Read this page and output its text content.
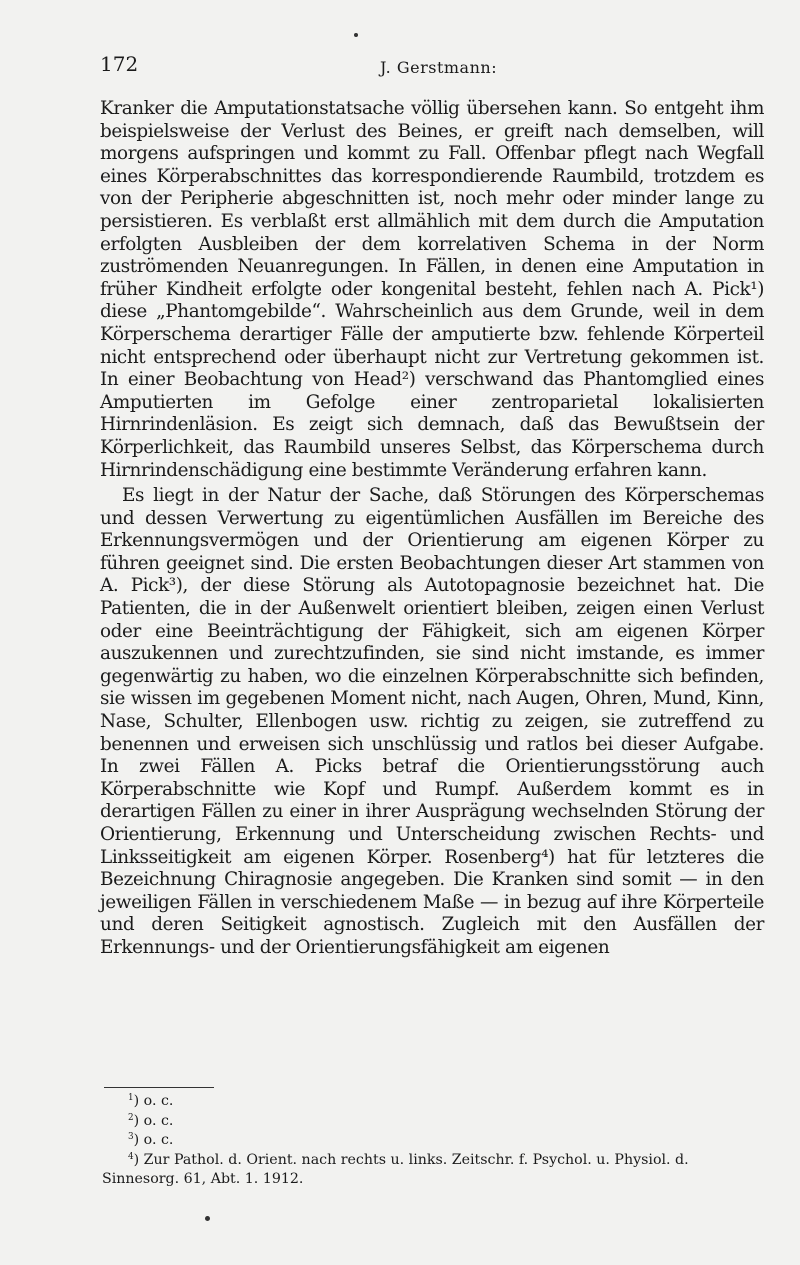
172	J. Gerstmann:

Kranker die Amputationstatsache völlig übersehen kann. So entgeht ihm beispielsweise der Verlust des Beines, er greift nach demselben, will morgens aufspringen und kommt zu Fall. Offenbar pflegt nach Wegfall eines Körperabschnittes das korrespondierende Raumbild, trotzdem es von der Peripherie abgeschnitten ist, noch mehr oder minder lange zu persistieren. Es verblaßt erst allmählich mit dem durch die Amputation erfolgten Ausbleiben der dem korrelativen Schema in der Norm zuströmenden Neuanregungen. In Fällen, in denen eine Amputation in früher Kindheit erfolgte oder kongenital besteht, fehlen nach A. Pick¹) diese „Phantomgebilde“. Wahrscheinlich aus dem Grunde, weil in dem Körperschema derartiger Fälle der amputierte bzw. fehlende Körperteil nicht entsprechend oder überhaupt nicht zur Vertretung gekommen ist. In einer Beobachtung von Head²) verschwand das Phantomglied eines Amputierten im Gefolge einer zentroparietal lokalisierten Hirnrindenläsion. Es zeigt sich demnach, daß das Bewußtsein der Körperlichkeit, das Raumbild unseres Selbst, das Körperschema durch Hirnrindenschädigung eine bestimmte Veränderung erfahren kann.

Es liegt in der Natur der Sache, daß Störungen des Körperschemas und dessen Verwertung zu eigentümlichen Ausfällen im Bereiche des Erkennungsvermögen und der Orientierung am eigenen Körper zu führen geeignet sind. Die ersten Beobachtungen dieser Art stammen von A. Pick³), der diese Störung als Autotopagnosie bezeichnet hat. Die Patienten, die in der Außenwelt orientiert bleiben, zeigen einen Verlust oder eine Beeinträchtigung der Fähigkeit, sich am eigenen Körper auszukennen und zurechtzufinden, sie sind nicht imstande, es immer gegenwärtig zu haben, wo die einzelnen Körperabschnitte sich befinden, sie wissen im gegebenen Moment nicht, nach Augen, Ohren, Mund, Kinn, Nase, Schulter, Ellenbogen usw. richtig zu zeigen, sie zutreffend zu benennen und erweisen sich unschlüssig und ratlos bei dieser Aufgabe. In zwei Fällen A. Picks betraf die Orientierungsstörung auch Körperabschnitte wie Kopf und Rumpf. Außerdem kommt es in derartigen Fällen zu einer in ihrer Ausprägung wechselnden Störung der Orientierung, Erkennung und Unterscheidung zwischen Rechts- und Linksseitigkeit am eigenen Körper. Rosenberg⁴) hat für letzteres die Bezeichnung Chiragnosie angegeben. Die Kranken sind somit — in den jeweiligen Fällen in verschiedenem Maße — in bezug auf ihre Körperteile und deren Seitigkeit agnostisch. Zugleich mit den Ausfällen der Erkennungs- und der Orientierungsfähigkeit am eigenen

$^1$) o. c.
$^2$) o. c.
$^3$) o. c.
$^4$) Zur Pathol. d. Orient. nach rechts u. links. Zeitschr. f. Psychol. u. Physiol. d. Sinnesorg. 61, Abt. 1. 1912.
